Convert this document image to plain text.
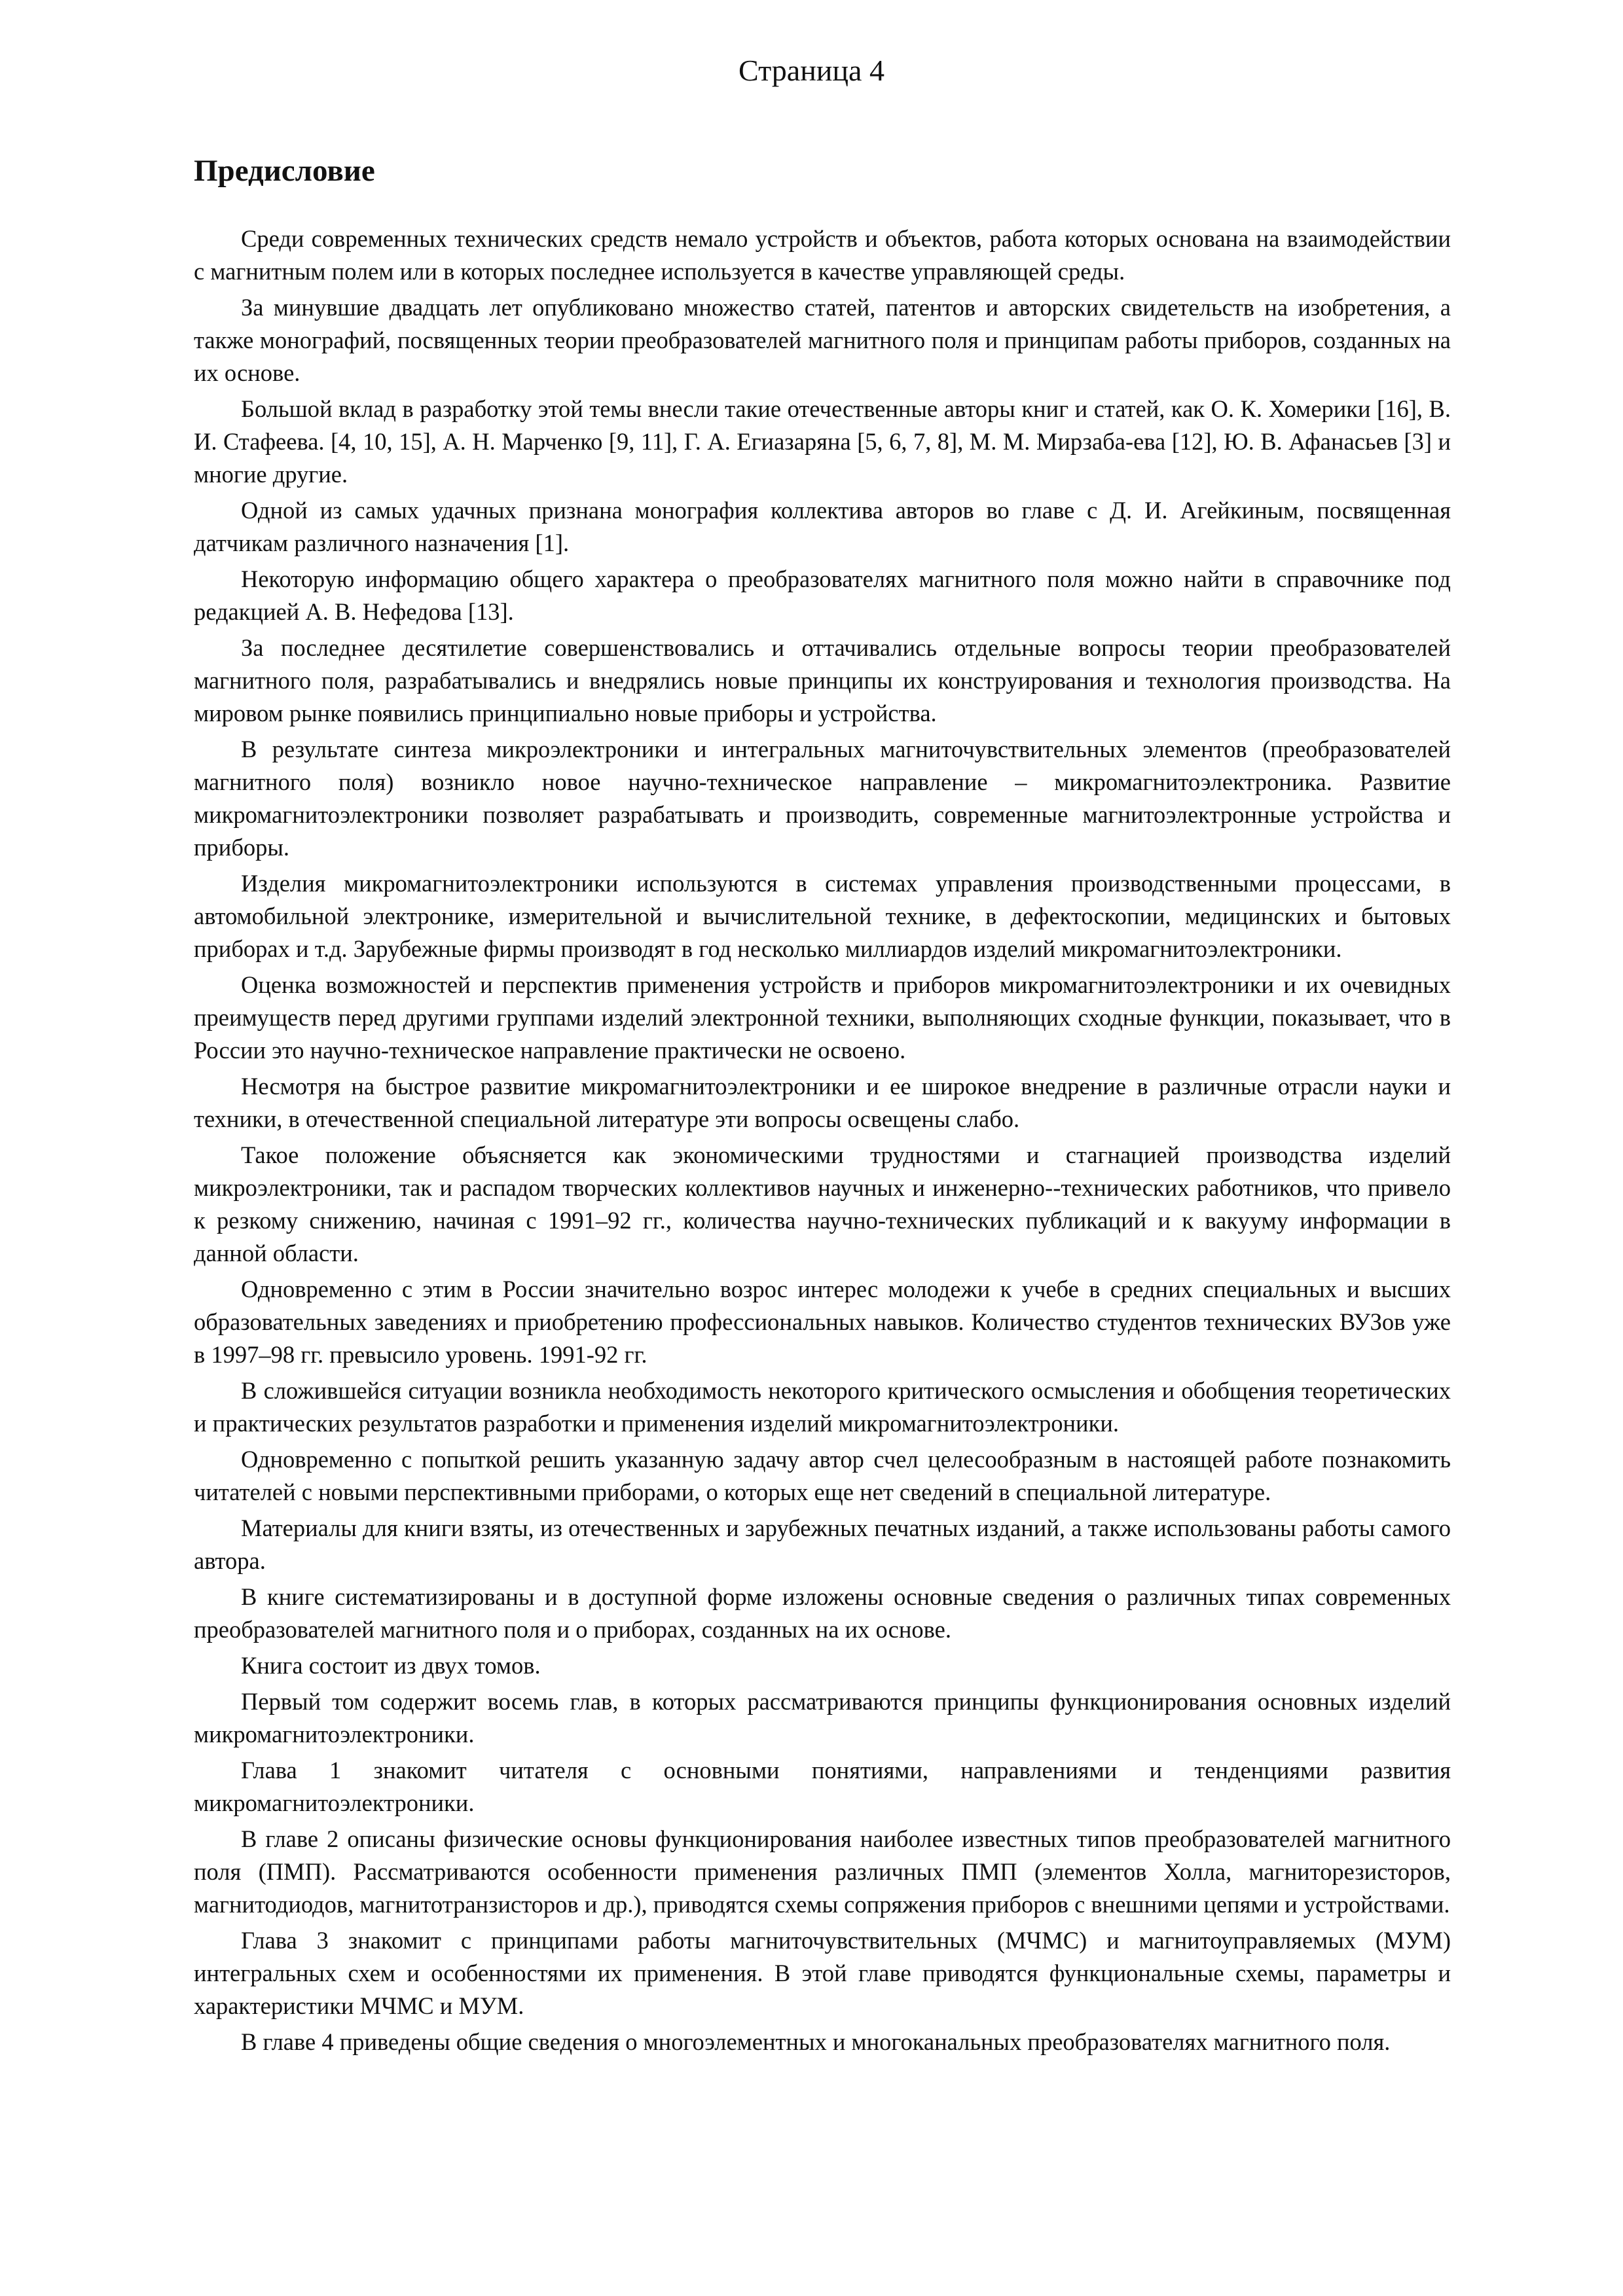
Страница 4
Предисловие

Среди современных технических средств немало устройств и объектов, работа которых основана на взаимодействии с магнитным полем или в которых последнее используется в качестве управляющей среды.

За минувшие двадцать лет опубликовано множество статей, патентов и авторских свидетельств на изобретения, а также монографий, посвященных теории преобразователей магнитного поля и принципам работы приборов, созданных на их основе.

Большой вклад в разработку этой темы внесли такие отечественные авторы книг и статей, как О. К. Хомерики [16], В. И. Стафеева. [4, 10, 15], А. Н. Марченко [9, 11], Г. А. Егиазаряна [5, 6, 7, 8], М. М. Мирзаба-ева [12], Ю. В. Афанасьев [3] и многие другие.

Одной из самых удачных признана монография коллектива авторов во главе с Д. И. Агейкиным, посвященная датчикам различного назначения [1].

Некоторую информацию общего характера о преобразователях магнитного поля можно найти в справочнике под редакцией А. В. Нефедова [13].

За последнее десятилетие совершенствовались и оттачивались отдельные вопросы теории преобразователей магнитного поля, разрабатывались и внедрялись новые принципы их конструирования и технология производства. На мировом рынке появились принципиально новые приборы и устройства.

В результате синтеза микроэлектроники и интегральных магниточувствительных элементов (преобразователей магнитного поля) возникло новое научно-техническое направление – микромагнитоэлектроника. Развитие микромагнитоэлектроники позволяет разрабатывать и производить, современные магнитоэлектронные устройства и приборы.

Изделия микромагнитоэлектроники используются в системах управления производственными процессами, в автомобильной электронике, измерительной и вычислительной технике, в дефектоскопии, медицинских и бытовых приборах и т.д. Зарубежные фирмы производят в год несколько миллиардов изделий микромагнитоэлектроники.

Оценка возможностей и перспектив применения устройств и приборов микромагнитоэлектроники и их очевидных преимуществ перед другими группами изделий электронной техники, выполняющих сходные функции, показывает, что в России это научно-техническое направление практически не освоено.

Несмотря на быстрое развитие микромагнитоэлектроники и ее широкое внедрение в различные отрасли науки и техники, в отечественной специальной литературе эти вопросы освещены слабо.

Такое положение объясняется как экономическими трудностями и стагнацией производства изделий микроэлектроники, так и распадом творческих коллективов научных и инженерно--технических работников, что привело к резкому снижению, начиная с 1991–92 гг., количества научно-технических публикаций и к вакууму информации в данной области.

Одновременно с этим в России значительно возрос интерес молодежи к учебе в средних специальных и высших образовательных заведениях и приобретению профессиональных навыков. Количество студентов технических ВУЗов уже в 1997–98 гг. превысило уровень. 1991-92 гг.

В сложившейся ситуации возникла необходимость некоторого критического осмысления и обобщения теоретических и практических результатов разработки и применения изделий микромагнитоэлектроники.

Одновременно с попыткой решить указанную задачу автор счел целесообразным в настоящей работе познакомить читателей с новыми перспективными приборами, о которых еще нет сведений в специальной литературе.

Материалы для книги взяты, из отечественных и зарубежных печатных изданий, а также использованы работы самого автора.

В книге систематизированы и в доступной форме изложены основные сведения о различных типах современных преобразователей магнитного поля и о приборах, созданных на их основе.

Книга состоит из двух томов.

Первый том содержит восемь глав, в которых рассматриваются принципы функционирования основных изделий микромагнитоэлектроники.

Глава 1 знакомит читателя с основными понятиями, направлениями и тенденциями развития микромагнитоэлектроники.

В главе 2 описаны физические основы функционирования наиболее известных типов преобразователей магнитного поля (ПМП). Рассматриваются особенности применения различных ПМП (элементов Холла, магниторезисторов, магнитодиодов, магнитотранзисторов и др.), приводятся схемы сопряжения приборов с внешними цепями и устройствами.

Глава 3 знакомит с принципами работы магниточувствительных (МЧМС) и магнитоуправляемых (МУМ) интегральных схем и особенностями их применения. В этой главе приводятся функциональные схемы, параметры и характеристики МЧМС и МУМ.

В главе 4 приведены общие сведения о многоэлементных и многоканальных преобразователях магнитного поля.
